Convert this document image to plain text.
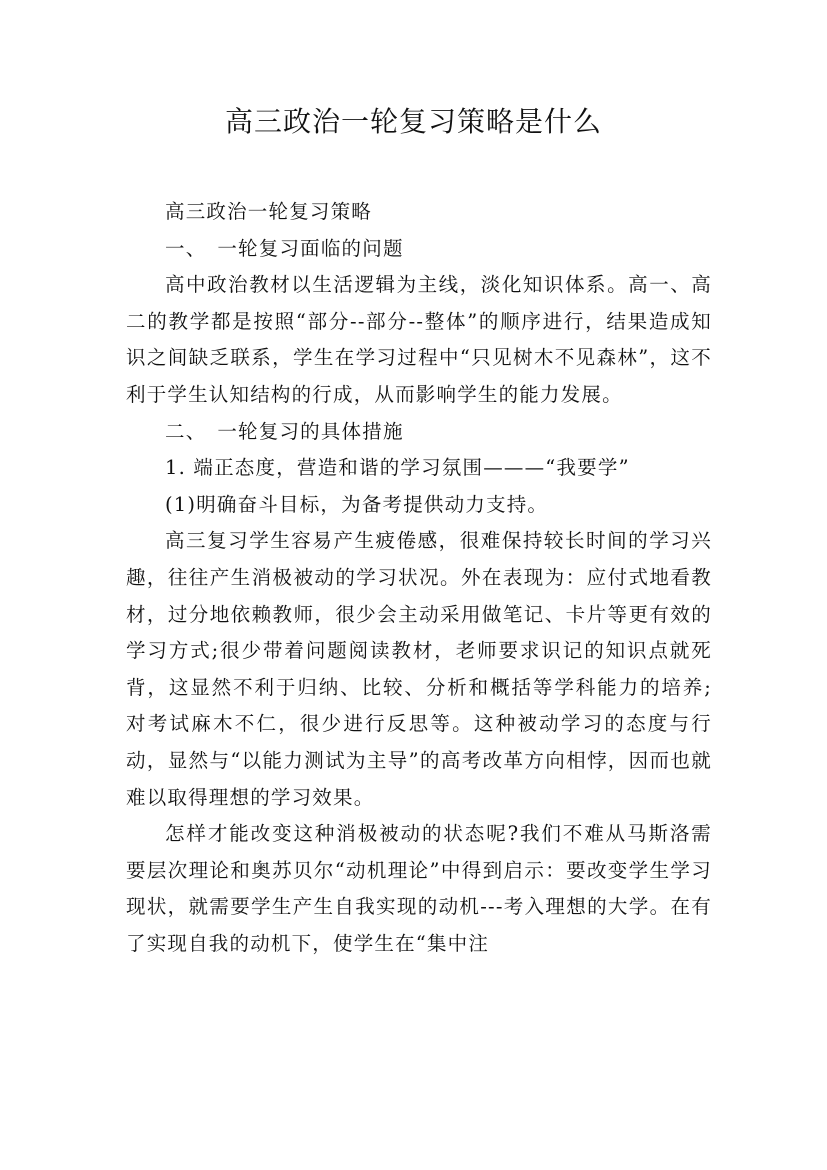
高三政治一轮复习策略是什么

高三政治一轮复习策略

一、　一轮复习面临的问题

高中政治教材以生活逻辑为主线，淡化知识体系。高一、高二的教学都是按照“部分--部分--整体”的顺序进行，结果造成知识之间缺乏联系，学生在学习过程中“只见树木不见森林”，这不利于学生认知结构的行成，从而影响学生的能力发展。

二、　一轮复习的具体措施

1. 端正态度，营造和谐的学习氛围———“我要学”

(1)明确奋斗目标，为备考提供动力支持。

高三复习学生容易产生疲倦感，很难保持较长时间的学习兴趣，往往产生消极被动的学习状况。外在表现为：应付式地看教材，过分地依赖教师，很少会主动采用做笔记、卡片等更有效的学习方式;很少带着问题阅读教材，老师要求识记的知识点就死背，这显然不利于归纳、比较、分析和概括等学科能力的培养;对考试麻木不仁，很少进行反思等。这种被动学习的态度与行动，显然与“以能力测试为主导”的高考改革方向相悖，因而也就难以取得理想的学习效果。

怎样才能改变这种消极被动的状态呢?我们不难从马斯洛需要层次理论和奥苏贝尔“动机理论”中得到启示：要改变学生学习现状，就需要学生产生自我实现的动机---考入理想的大学。在有了实现自我的动机下，使学生在“集中注
